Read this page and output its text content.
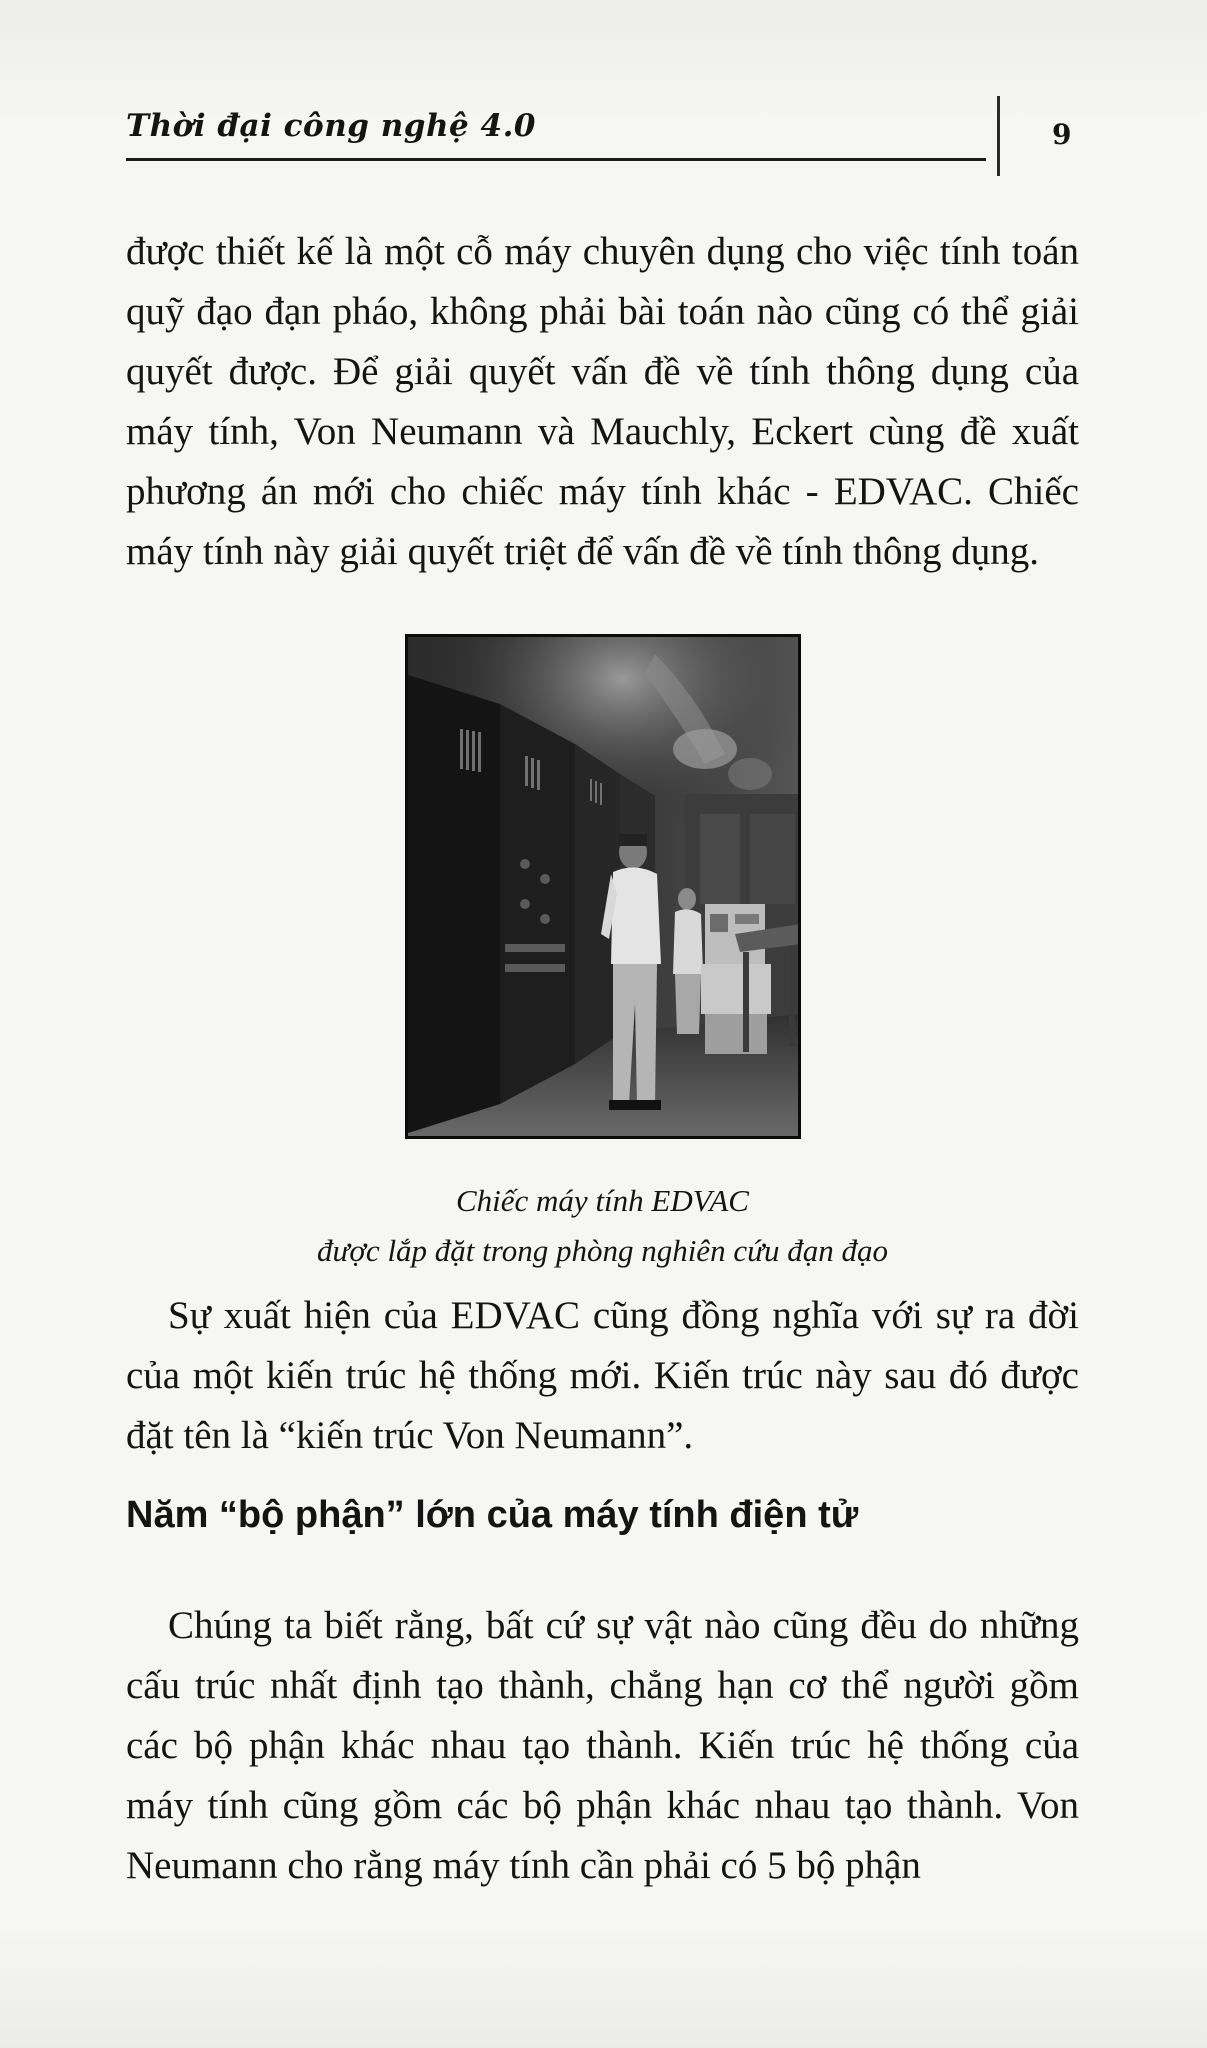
Thời đại công nghệ 4.0	9

được thiết kế là một cỗ máy chuyên dụng cho việc tính toán quỹ đạo đạn pháo, không phải bài toán nào cũng có thể giải quyết được. Để giải quyết vấn đề về tính thông dụng của máy tính, Von Neumann và Mauchly, Eckert cùng đề xuất phương án mới cho chiếc máy tính khác - EDVAC. Chiếc máy tính này giải quyết triệt để vấn đề về tính thông dụng.

Chiếc máy tính EDVAC
được lắp đặt trong phòng nghiên cứu đạn đạo

Sự xuất hiện của EDVAC cũng đồng nghĩa với sự ra đời của một kiến trúc hệ thống mới. Kiến trúc này sau đó được đặt tên là “kiến trúc Von Neumann”.

Năm “bộ phận” lớn của máy tính điện tử

Chúng ta biết rằng, bất cứ sự vật nào cũng đều do những cấu trúc nhất định tạo thành, chẳng hạn cơ thể người gồm các bộ phận khác nhau tạo thành. Kiến trúc hệ thống của máy tính cũng gồm các bộ phận khác nhau tạo thành. Von Neumann cho rằng máy tính cần phải có 5 bộ phận
